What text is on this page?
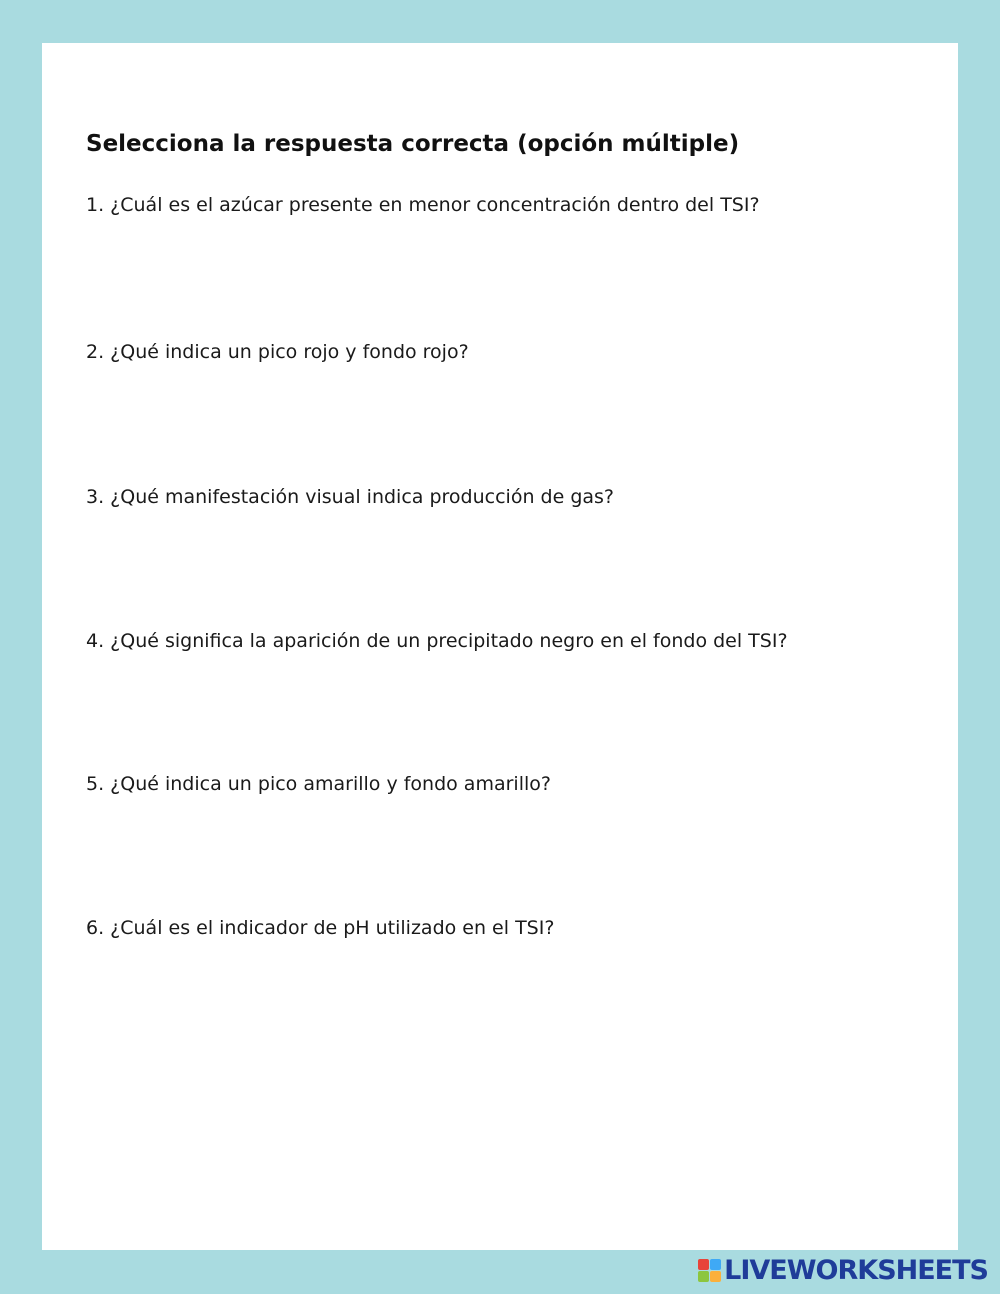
Selecciona la respuesta correcta (opción múltiple)

1. ¿Cuál es el azúcar presente en menor concentración dentro del TSI?

2. ¿Qué indica un pico rojo y fondo rojo?

3. ¿Qué manifestación visual indica producción de gas?

4. ¿Qué significa la aparición de un precipitado negro en el fondo del TSI?

5. ¿Qué indica un pico amarillo y fondo amarillo?

6. ¿Cuál es el indicador de pH utilizado en el TSI?

LIVEWORKSHEETS
